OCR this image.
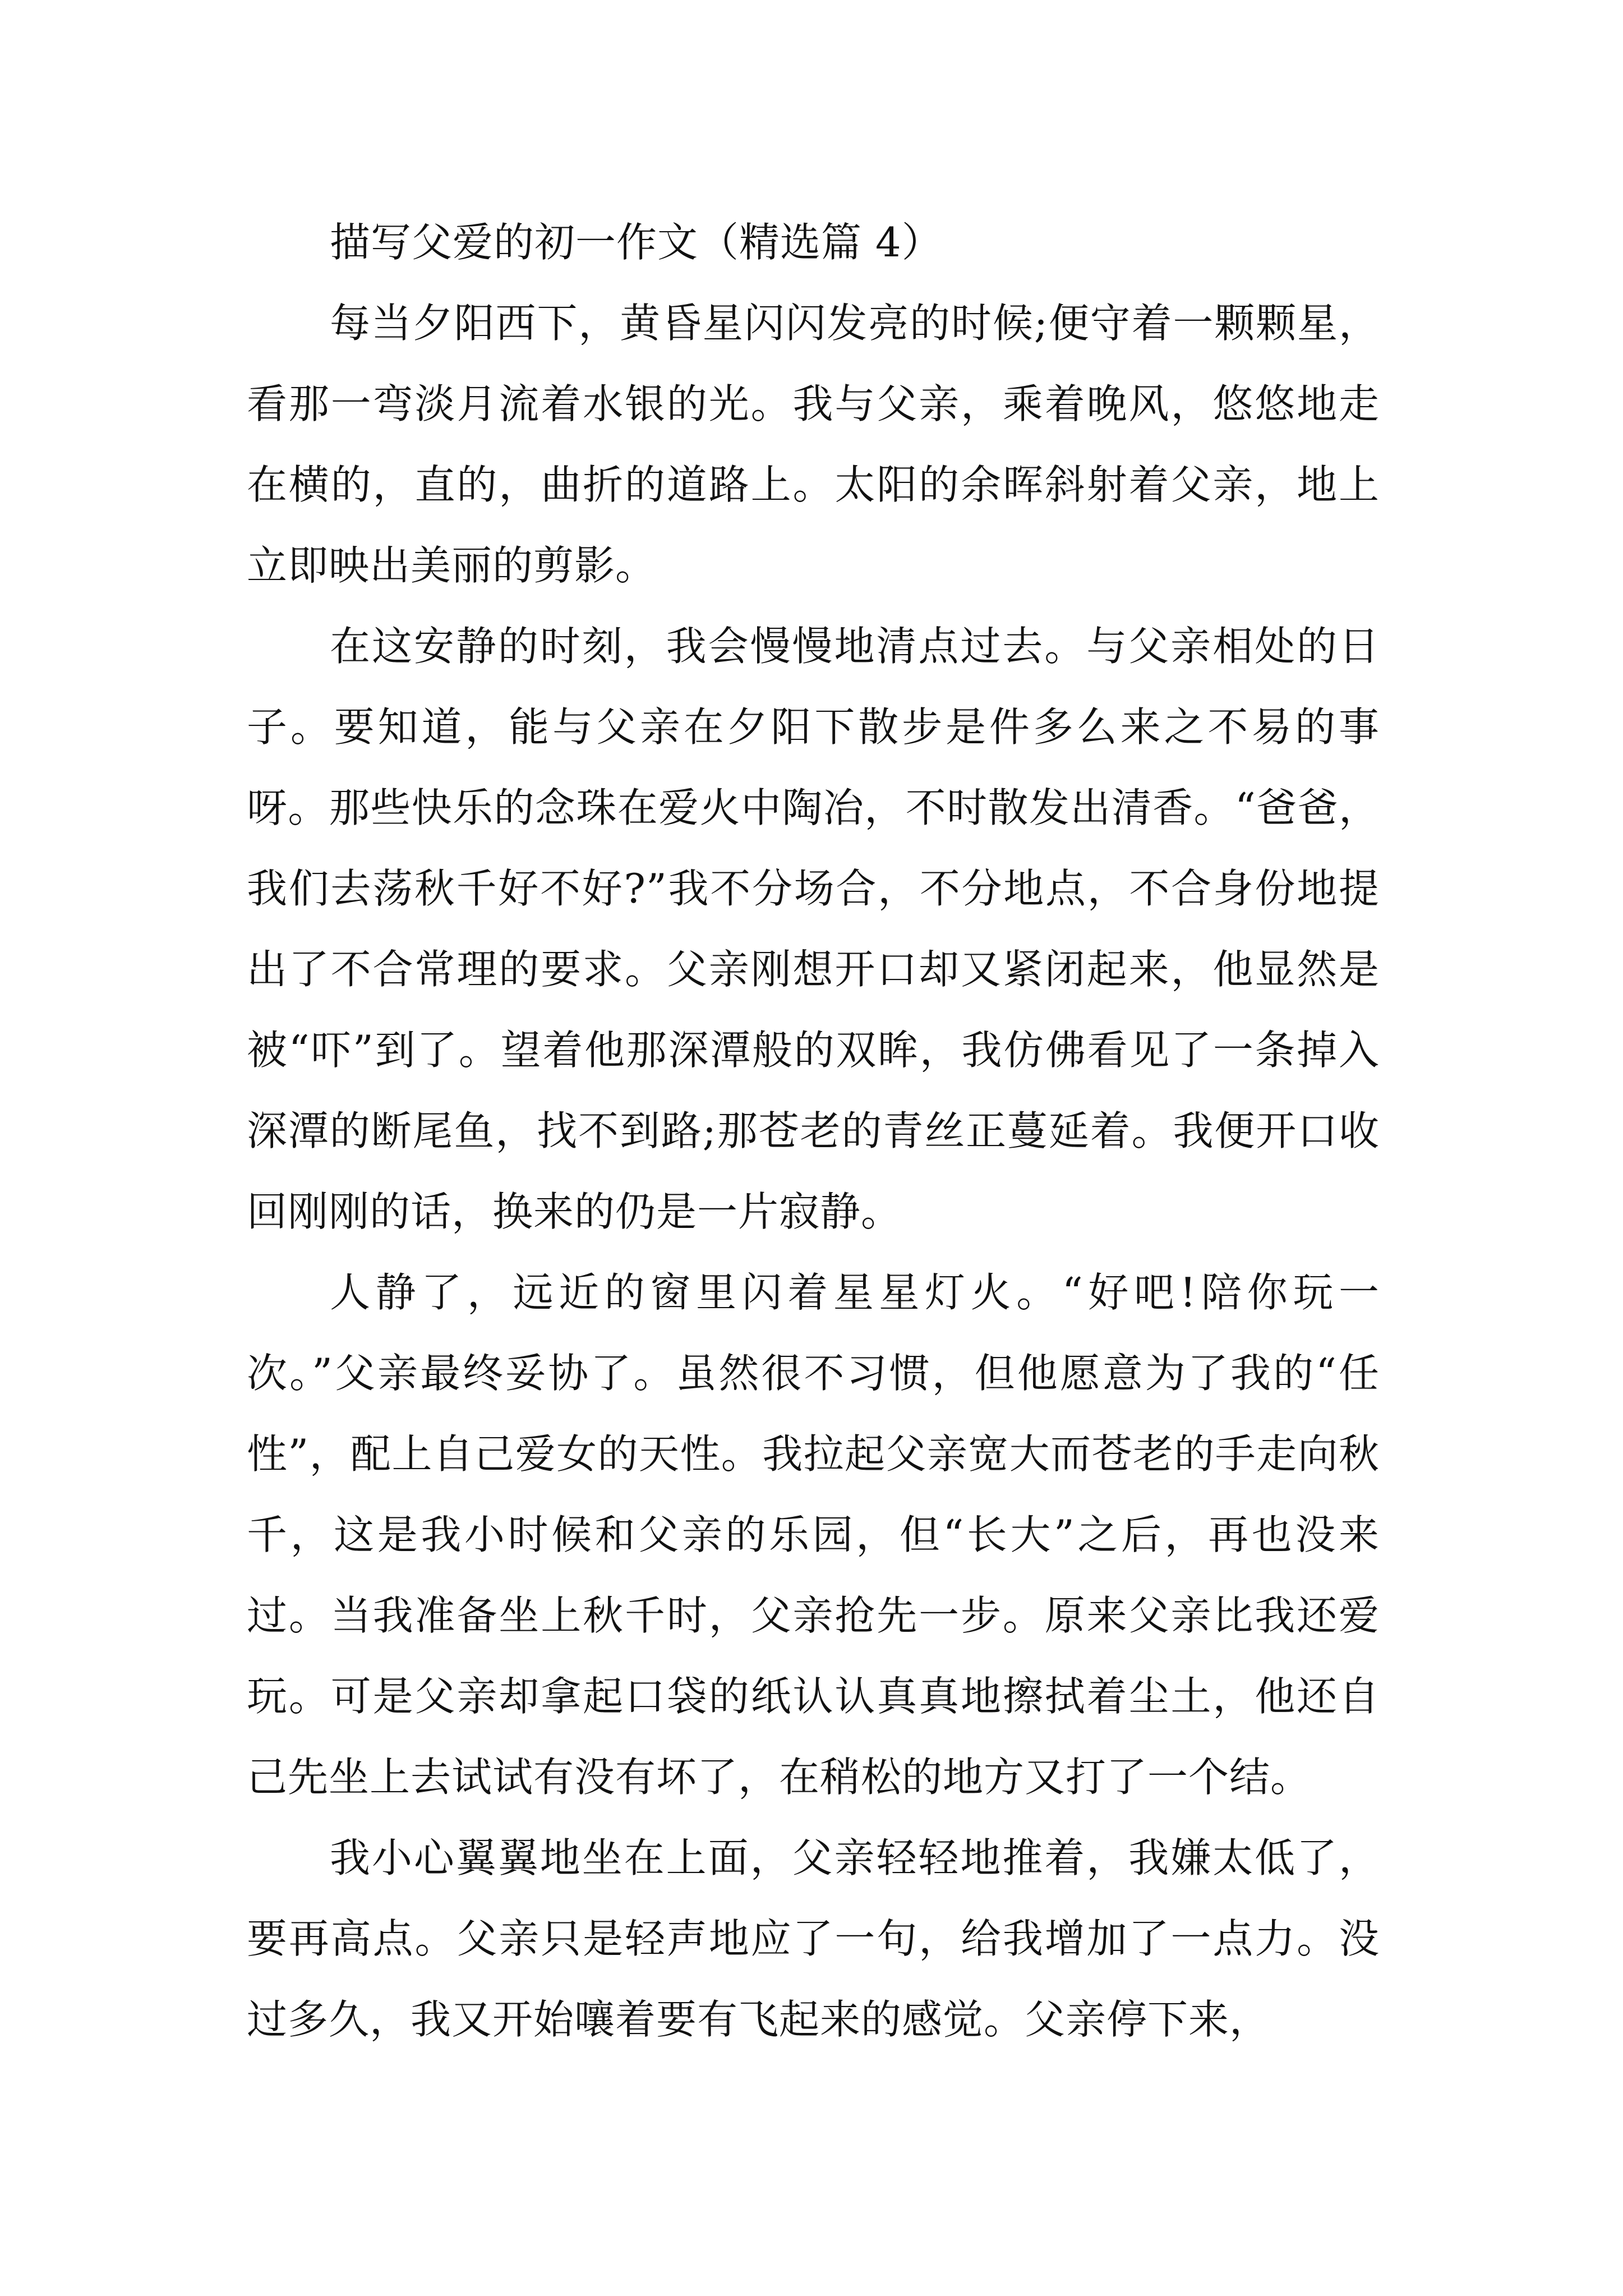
描写父爱的初一作文（精选篇 4）

每当夕阳西下，黄昏星闪闪发亮的时候;便守着一颗颗星，看那一弯淡月流着水银的光。我与父亲，乘着晚风，悠悠地走在横的，直的，曲折的道路上。太阳的余晖斜射着父亲，地上立即映出美丽的剪影。

在这安静的时刻，我会慢慢地清点过去。与父亲相处的日子。要知道，能与父亲在夕阳下散步是件多么来之不易的事呀。那些快乐的念珠在爱火中陶冶，不时散发出清香。“爸爸，我们去荡秋千好不好?”我不分场合，不分地点，不合身份地提出了不合常理的要求。父亲刚想开口却又紧闭起来，他显然是被“吓”到了。望着他那深潭般的双眸，我仿佛看见了一条掉入深潭的断尾鱼，找不到路;那苍老的青丝正蔓延着。我便开口收回刚刚的话，换来的仍是一片寂静。

人静了，远近的窗里闪着星星灯火。“好吧!陪你玩一次。”父亲最终妥协了。虽然很不习惯，但他愿意为了我的“任性”，配上自己爱女的天性。我拉起父亲宽大而苍老的手走向秋千，这是我小时候和父亲的乐园，但“长大”之后，再也没来过。当我准备坐上秋千时，父亲抢先一步。原来父亲比我还爱玩。可是父亲却拿起口袋的纸认认真真地擦拭着尘土，他还自己先坐上去试试有没有坏了，在稍松的地方又打了一个结。

我小心翼翼地坐在上面，父亲轻轻地推着，我嫌太低了，要再高点。父亲只是轻声地应了一句，给我增加了一点力。没过多久，我又开始嚷着要有飞起来的感觉。父亲停下来，
